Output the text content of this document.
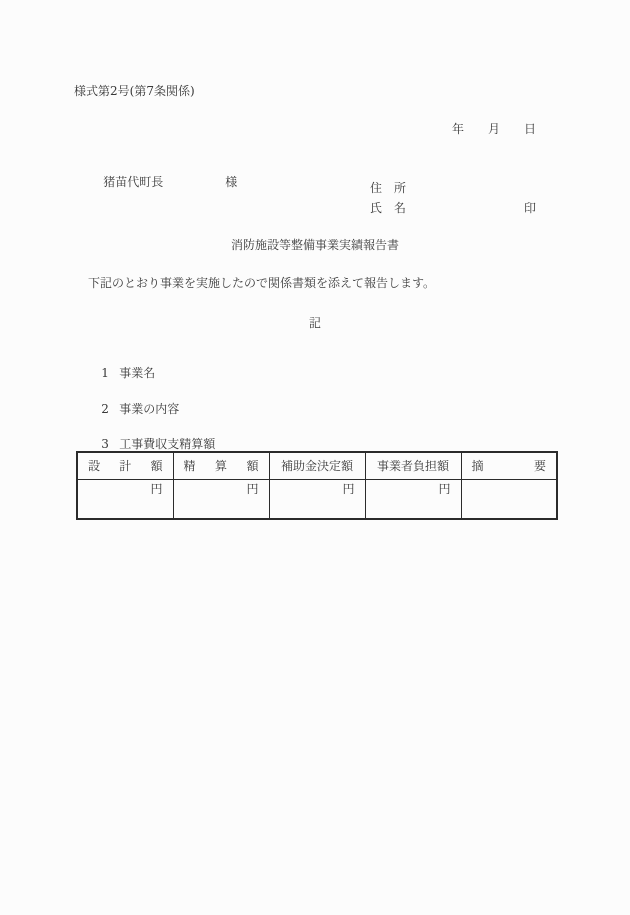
様式第2号(第7条関係)
年　　月　　日

猪苗代町長	様
	住　所
氏　名	印
消防施設等整備事業実績報告書
下記のとおり事業を実施したので関係書類を添えて報告します。
記

1 事業名

2 事業の内容

3 工事費収支精算額

設 計 額	精 算 額	補助金決定額	事業者負担額	摘 要
円	円	円	円	
